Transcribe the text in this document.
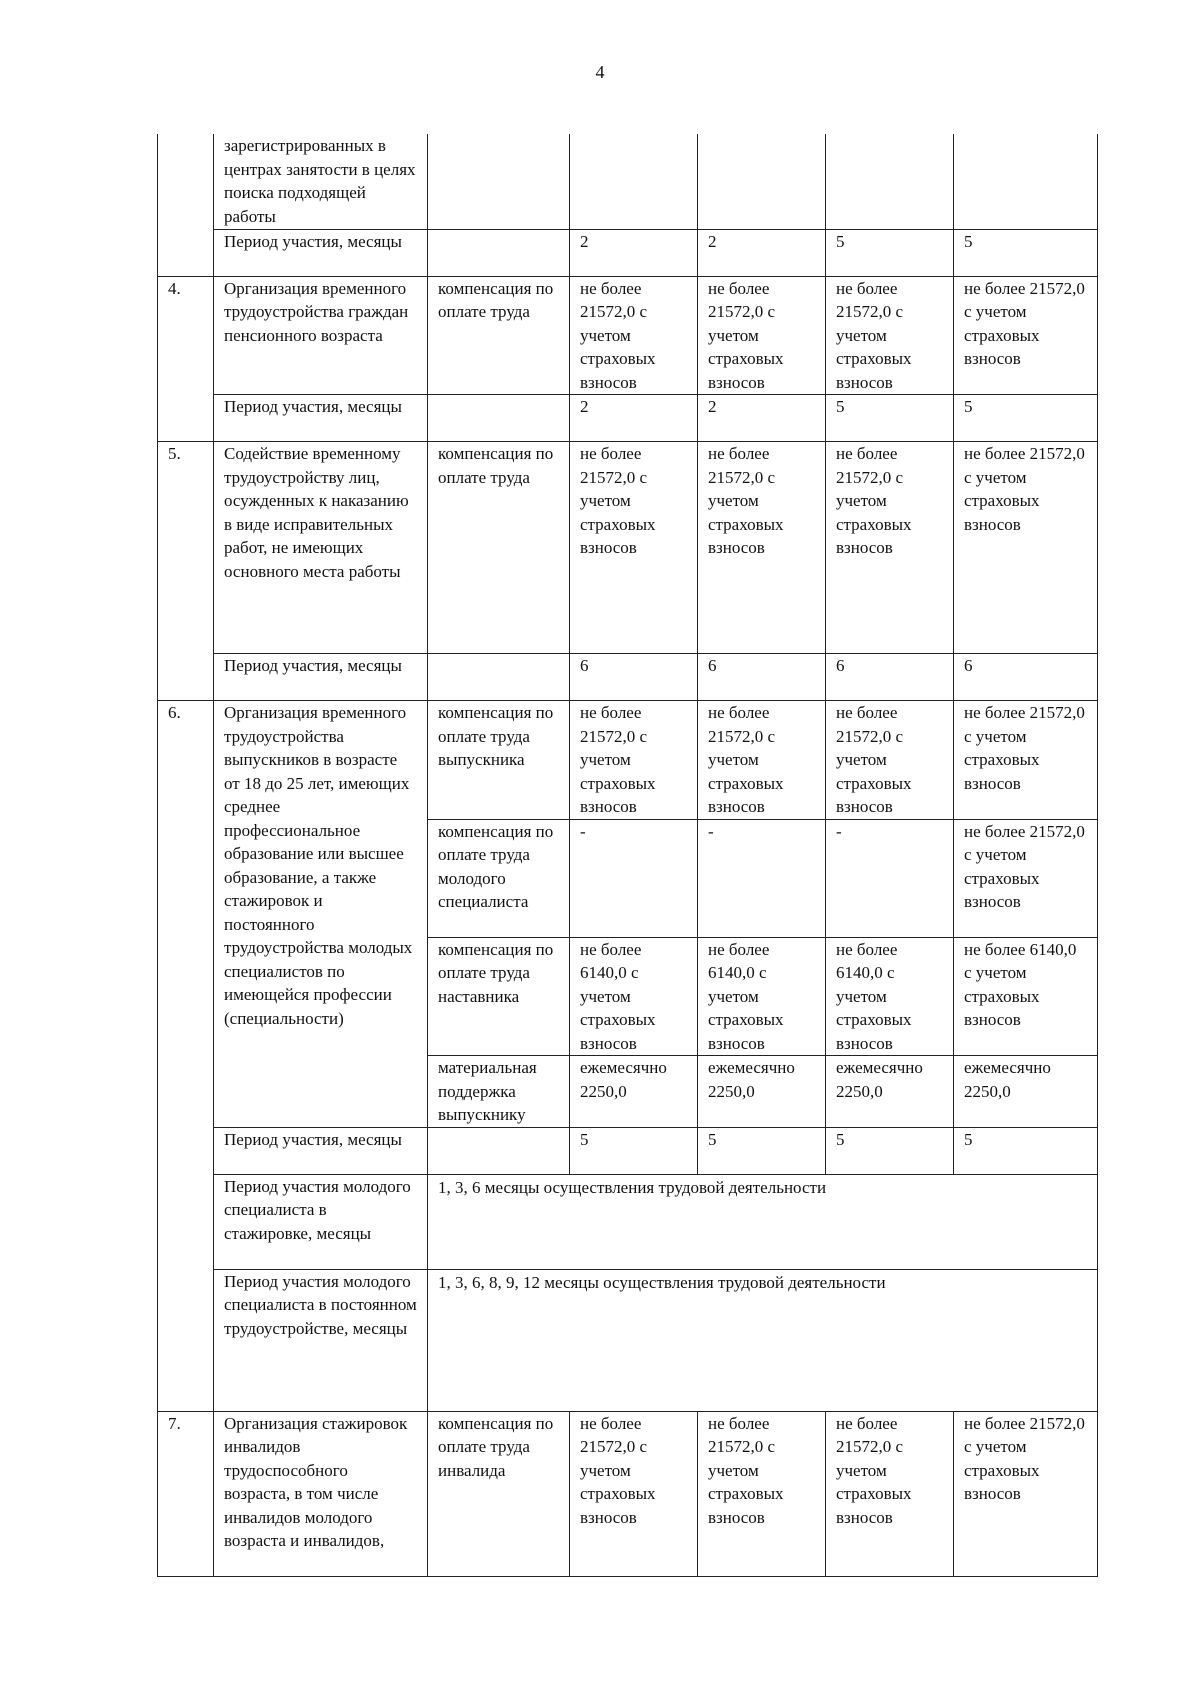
4
	зарегистрированных в центрах занятости в целях поиска подходящей работы					
	Период участия, месяцы		2	2	5	5
4.	Организация временного трудоустройства граждан пенсионного возраста	компенсация по оплате труда	не более 21572,0 с учетом страховых взносов	не более 21572,0 с учетом страховых взносов	не более 21572,0 с учетом страховых взносов	не более 21572,0 с учетом страховых взносов
	Период участия, месяцы		2	2	5	5
5.	Содействие временному трудоустройству лиц, осужденных к наказанию в виде исправительных работ, не имеющих основного места работы	компенсация по оплате труда	не более 21572,0 с учетом страховых взносов	не более 21572,0 с учетом страховых взносов	не более 21572,0 с учетом страховых взносов	не более 21572,0 с учетом страховых взносов
	Период участия, месяцы		6	6	6	6
6.	Организация временного трудоустройства выпускников в возрасте от 18 до 25 лет, имеющих среднее профессиональное образование или высшее образование, а также стажировок и постоянного трудоустройства молодых специалистов по имеющейся профессии (специальности)	компенсация по оплате труда выпускника	не более 21572,0 с учетом страховых взносов	не более 21572,0 с учетом страховых взносов	не более 21572,0 с учетом страховых взносов	не более 21572,0 с учетом страховых взносов
		компенсация по оплате труда молодого специалиста	-	-	-	не более 21572,0 с учетом страховых взносов
		компенсация по оплате труда наставника	не более 6140,0 с учетом страховых взносов	не более 6140,0 с учетом страховых взносов	не более 6140,0 с учетом страховых взносов	не более 6140,0 с учетом страховых взносов
		материальная поддержка выпускнику	ежемесячно 2250,0	ежемесячно 2250,0	ежемесячно 2250,0	ежемесячно 2250,0
	Период участия, месяцы		5	5	5	5
	Период участия молодого специалиста в стажировке, месяцы	1, 3, 6 месяцы осуществления трудовой деятельности				
	Период участия молодого специалиста в постоянном трудоустройстве, месяцы	1, 3, 6, 8, 9, 12 месяцы осуществления трудовой деятельности				
7.	Организация стажировок инвалидов трудоспособного возраста, в том числе инвалидов молодого возраста и инвалидов,	компенсация по оплате труда инвалида	не более 21572,0 с учетом страховых взносов	не более 21572,0 с учетом страховых взносов	не более 21572,0 с учетом страховых взносов	не более 21572,0 с учетом страховых взносов
